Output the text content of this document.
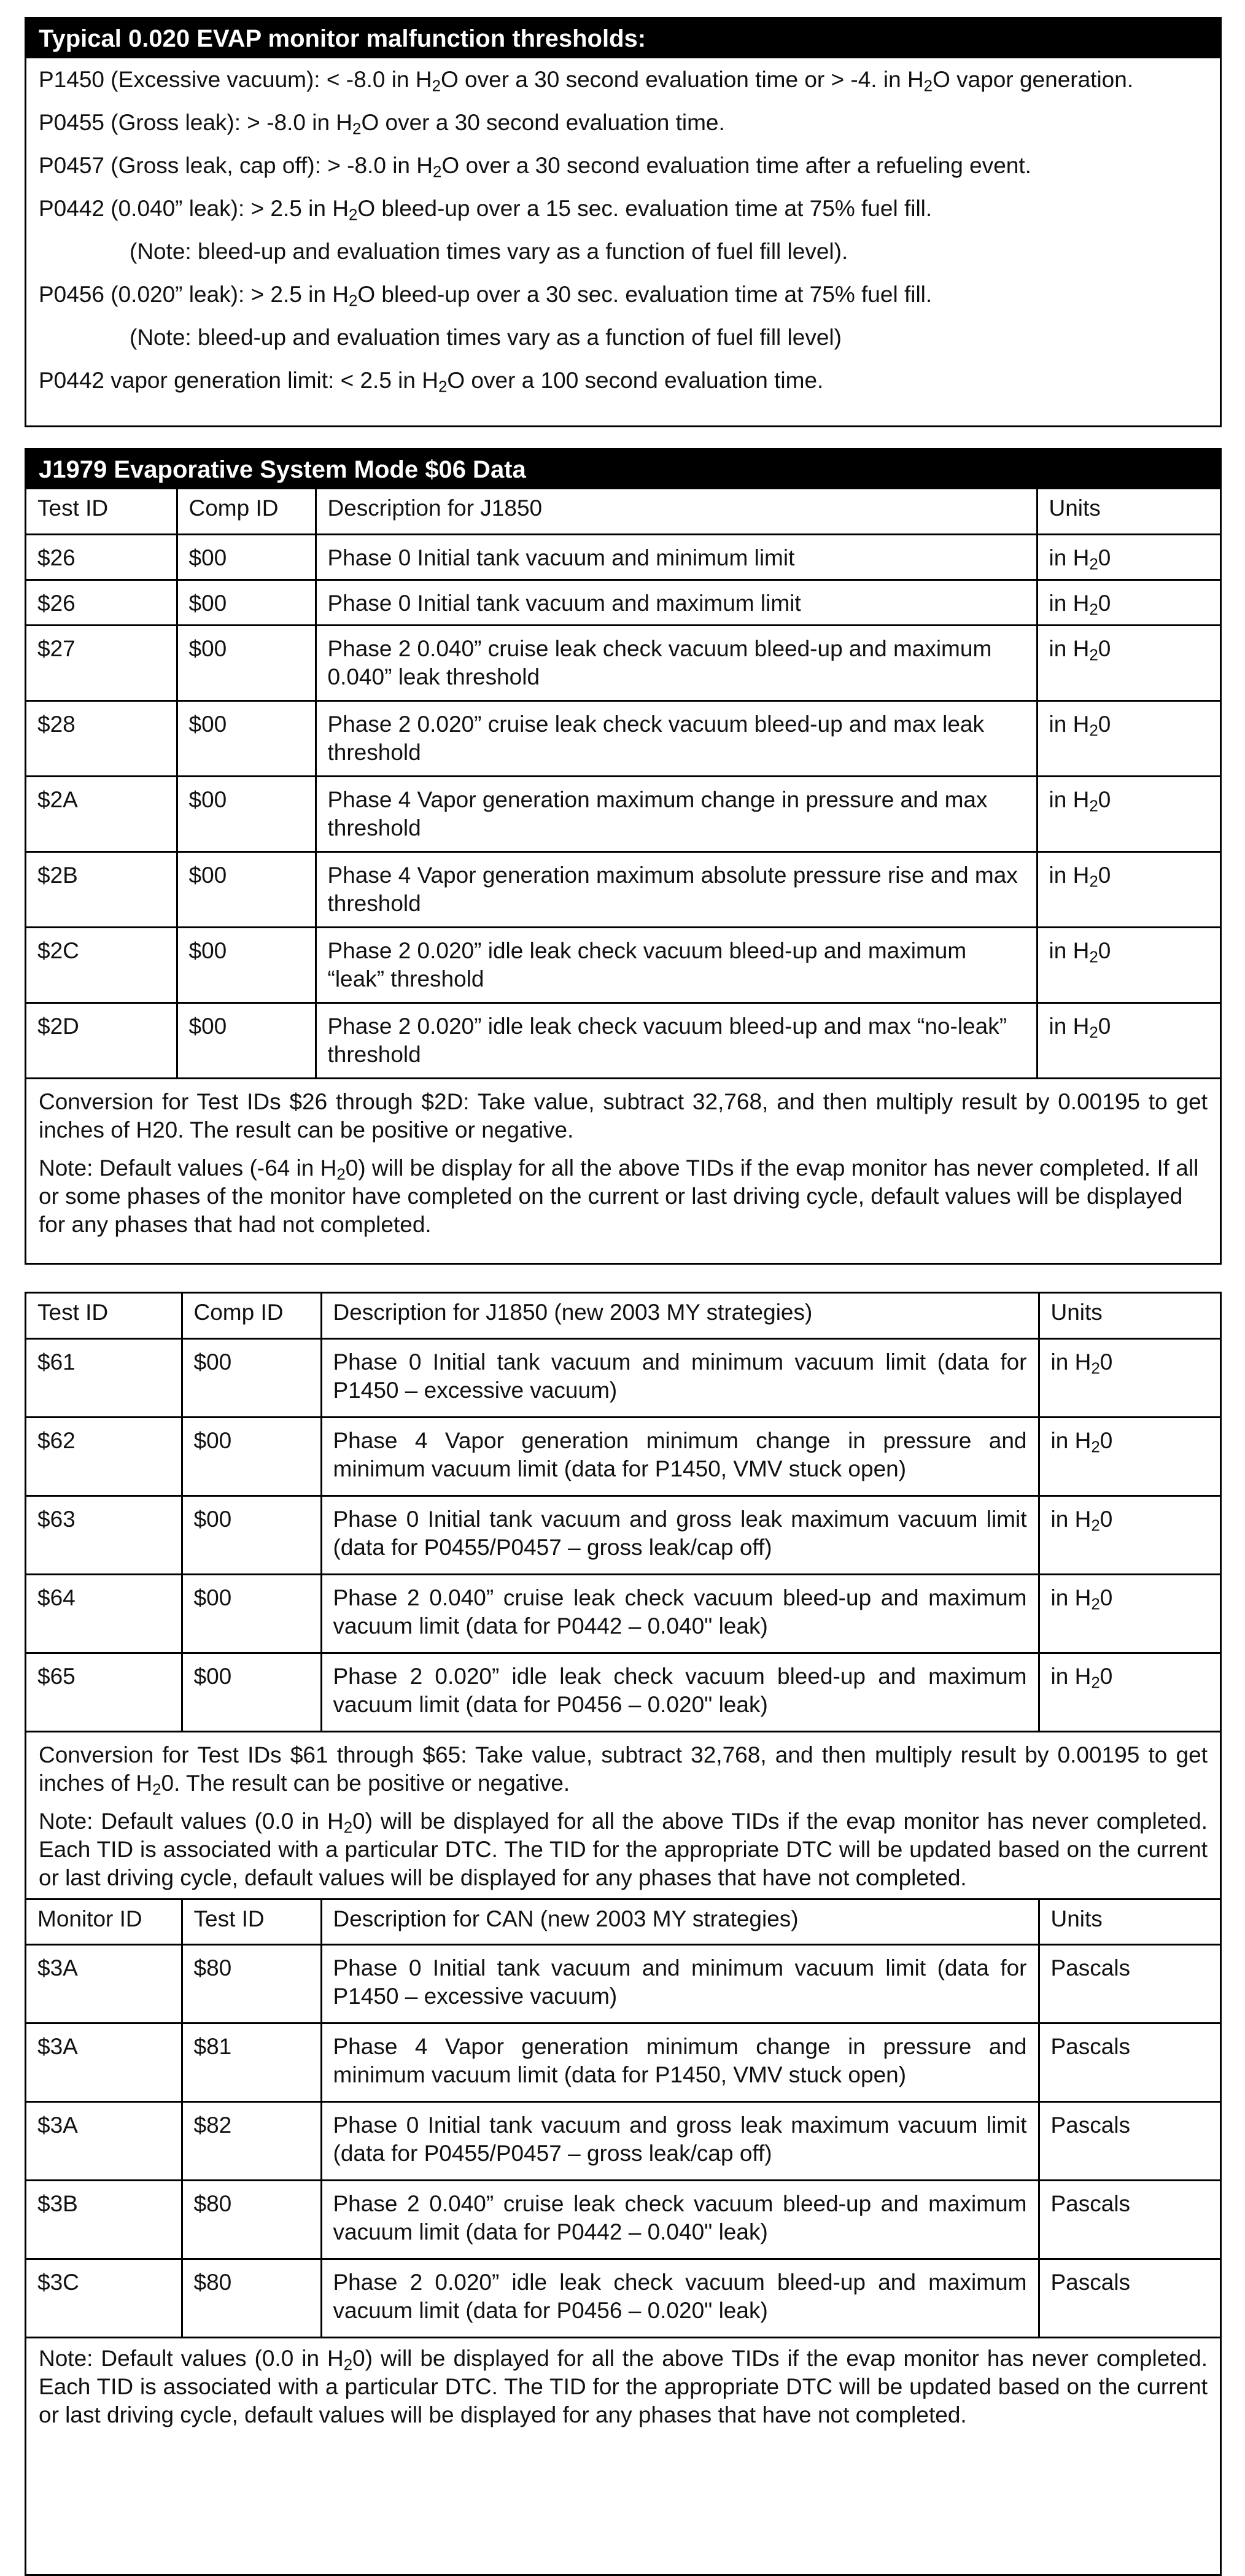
Typical 0.020 EVAP monitor malfunction thresholds:
P1450 (Excessive vacuum): < -8.0 in $H_2O$ over a 30 second evaluation time or > -4. in $H_2O$ vapor generation.
P0455 (Gross leak): > -8.0 in $H_2O$ over a 30 second evaluation time.
P0457 (Gross leak, cap off): > -8.0 in $H_2O$ over a 30 second evaluation time after a refueling event.
P0442 (0.040” leak): > 2.5 in $H_2O$ bleed-up over a 15 sec. evaluation time at 75% fuel fill.
(Note: bleed-up and evaluation times vary as a function of fuel fill level).
P0456 (0.020” leak): > 2.5 in $H_2O$ bleed-up over a 30 sec. evaluation time at 75% fuel fill.
(Note: bleed-up and evaluation times vary as a function of fuel fill level)
P0442 vapor generation limit: < 2.5 in $H_2O$ over a 100 second evaluation time.
J1979 Evaporative System Mode $06 Data
Test ID	Comp ID	Description for J1850	Units
$26	$00	Phase 0 Initial tank vacuum and minimum limit	in $H_20$
$26	$00	Phase 0 Initial tank vacuum and maximum limit	in $H_20$
$27	$00	Phase 2 0.040” cruise leak check vacuum bleed-up and maximum 0.040” leak threshold	in $H_20$
$28	$00	Phase 2 0.020” cruise leak check vacuum bleed-up and max leak threshold	in $H_20$
$2A	$00	Phase 4 Vapor generation maximum change in pressure and max threshold	in $H_20$
$2B	$00	Phase 4 Vapor generation maximum absolute pressure rise and max threshold	in $H_20$
$2C	$00	Phase 2 0.020” idle leak check vacuum bleed-up and maximum “leak” threshold	in $H_20$
$2D	$00	Phase 2 0.020” idle leak check vacuum bleed-up and max “no-leak” threshold	in $H_20$
Conversion for Test IDs $26 through $2D: Take value, subtract 32,768, and then multiply result by 0.00195 to get inches of H20. The result can be positive or negative.
Note: Default values (-64 in $H_20$) will be display for all the above TIDs if the evap monitor has never completed. If all or some phases of the monitor have completed on the current or last driving cycle, default values will be displayed for any phases that had not completed.
Test ID	Comp ID	Description for J1850 (new 2003 MY strategies)	Units
$61	$00	Phase 0 Initial tank vacuum and minimum vacuum limit (data for P1450 – excessive vacuum)	in $H_20$
$62	$00	Phase 4 Vapor generation minimum change in pressure and minimum vacuum limit (data for P1450, VMV stuck open)	in $H_20$
$63	$00	Phase 0 Initial tank vacuum and gross leak maximum vacuum limit (data for P0455/P0457 – gross leak/cap off)	in $H_20$
$64	$00	Phase 2 0.040” cruise leak check vacuum bleed-up and maximum vacuum limit (data for P0442 – 0.040" leak)	in $H_20$
$65	$00	Phase 2 0.020” idle leak check vacuum bleed-up and maximum vacuum limit (data for P0456 – 0.020" leak)	in $H_20$
Conversion for Test IDs $61 through $65: Take value, subtract 32,768, and then multiply result by 0.00195 to get inches of $H_20$. The result can be positive or negative.
Note: Default values (0.0 in $H_20$) will be displayed for all the above TIDs if the evap monitor has never completed. Each TID is associated with a particular DTC. The TID for the appropriate DTC will be updated based on the current or last driving cycle, default values will be displayed for any phases that have not completed.
Monitor ID	Test ID	Description for CAN (new 2003 MY strategies)	Units
$3A	$80	Phase 0 Initial tank vacuum and minimum vacuum limit (data for P1450 – excessive vacuum)	Pascals
$3A	$81	Phase 4 Vapor generation minimum change in pressure and minimum vacuum limit (data for P1450, VMV stuck open)	Pascals
$3A	$82	Phase 0 Initial tank vacuum and gross leak maximum vacuum limit (data for P0455/P0457 – gross leak/cap off)	Pascals
$3B	$80	Phase 2 0.040” cruise leak check vacuum bleed-up and maximum vacuum limit (data for P0442 – 0.040" leak)	Pascals
$3C	$80	Phase 2 0.020” idle leak check vacuum bleed-up and maximum vacuum limit (data for P0456 – 0.020" leak)	Pascals
Note: Default values (0.0 in $H_20$) will be displayed for all the above TIDs if the evap monitor has never completed. Each TID is associated with a particular DTC. The TID for the appropriate DTC will be updated based on the current or last driving cycle, default values will be displayed for any phases that have not completed.
